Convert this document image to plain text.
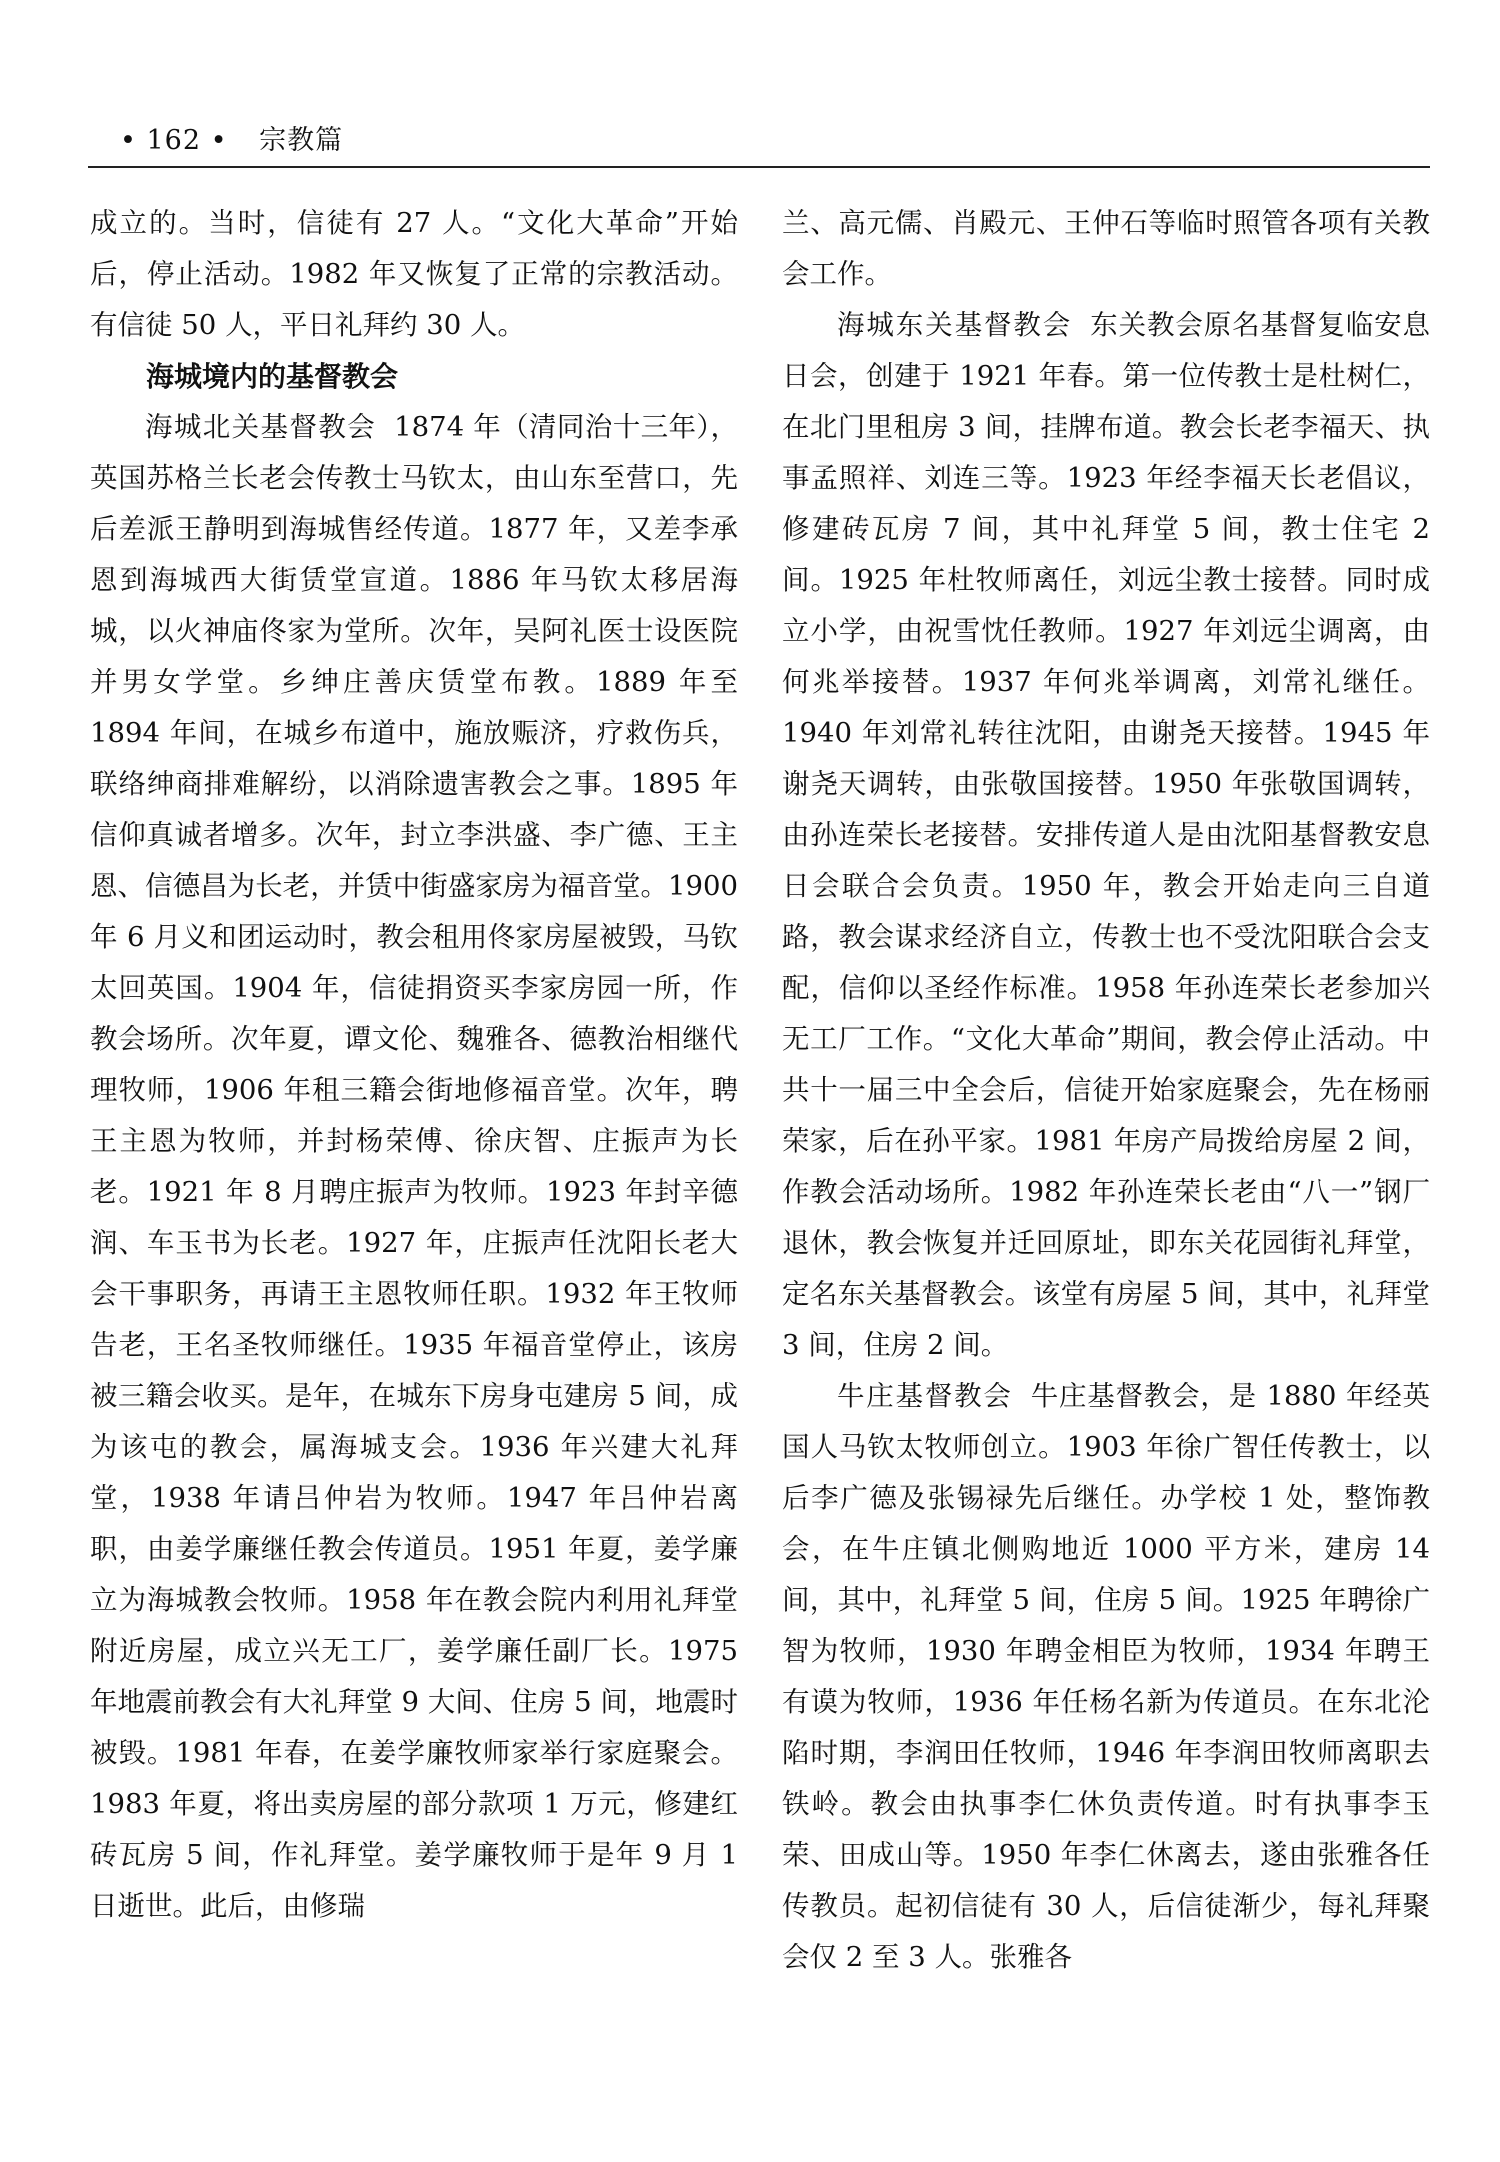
• 162 • 宗教篇

成立的。当时，信徒有 27 人。“文化大革命”开始后，停止活动。1982 年又恢复了正常的宗教活动。有信徒 50 人，平日礼拜约 30 人。

海城境内的基督教会

海城北关基督教会 1874 年（清同治十三年），英国苏格兰长老会传教士马钦太，由山东至营口，先后差派王静明到海城售经传道。1877 年，又差李承恩到海城西大街赁堂宣道。1886 年马钦太移居海城，以火神庙佟家为堂所。次年，吴阿礼医士设医院并男女学堂。乡绅庄善庆赁堂布教。1889 年至 1894 年间，在城乡布道中，施放赈济，疗救伤兵，联络绅商排难解纷，以消除遗害教会之事。1895 年信仰真诚者增多。次年，封立李洪盛、李广德、王主恩、信德昌为长老，并赁中街盛家房为福音堂。1900 年 6 月义和团运动时，教会租用佟家房屋被毁，马钦太回英国。1904 年，信徒捐资买李家房园一所，作教会场所。次年夏，谭文伦、魏雅各、德教治相继代理牧师，1906 年租三籍会街地修福音堂。次年，聘王主恩为牧师，并封杨荣傅、徐庆智、庄振声为长老。1921 年 8 月聘庄振声为牧师。1923 年封辛德润、车玉书为长老。1927 年，庄振声任沈阳长老大会干事职务，再请王主恩牧师任职。1932 年王牧师告老，王名圣牧师继任。1935 年福音堂停止，该房被三籍会收买。是年，在城东下房身屯建房 5 间，成为该屯的教会，属海城支会。1936 年兴建大礼拜堂，1938 年请吕仲岩为牧师。1947 年吕仲岩离职，由姜学廉继任教会传道员。1951 年夏，姜学廉立为海城教会牧师。1958 年在教会院内利用礼拜堂附近房屋，成立兴无工厂，姜学廉任副厂长。1975 年地震前教会有大礼拜堂 9 大间、住房 5 间，地震时被毁。1981 年春，在姜学廉牧师家举行家庭聚会。1983 年夏，将出卖房屋的部分款项 1 万元，修建红砖瓦房 5 间，作礼拜堂。姜学廉牧师于是年 9 月 1 日逝世。此后，由修瑞

兰、高元儒、肖殿元、王仲石等临时照管各项有关教会工作。

海城东关基督教会 东关教会原名基督复临安息日会，创建于 1921 年春。第一位传教士是杜树仁，在北门里租房 3 间，挂牌布道。教会长老李福天、执事孟照祥、刘连三等。1923 年经李福天长老倡议，修建砖瓦房 7 间，其中礼拜堂 5 间，教士住宅 2 间。1925 年杜牧师离任，刘远尘教士接替。同时成立小学，由祝雪忱任教师。1927 年刘远尘调离，由何兆举接替。1937 年何兆举调离，刘常礼继任。1940 年刘常礼转往沈阳，由谢尧天接替。1945 年谢尧天调转，由张敬国接替。1950 年张敬国调转，由孙连荣长老接替。安排传道人是由沈阳基督教安息日会联合会负责。1950 年，教会开始走向三自道路，教会谋求经济自立，传教士也不受沈阳联合会支配，信仰以圣经作标准。1958 年孙连荣长老参加兴无工厂工作。“文化大革命”期间，教会停止活动。中共十一届三中全会后，信徒开始家庭聚会，先在杨丽荣家，后在孙平家。1981 年房产局拨给房屋 2 间，作教会活动场所。1982 年孙连荣长老由“八一”钢厂退休，教会恢复并迁回原址，即东关花园街礼拜堂，定名东关基督教会。该堂有房屋 5 间，其中，礼拜堂 3 间，住房 2 间。

牛庄基督教会 牛庄基督教会，是 1880 年经英国人马钦太牧师创立。1903 年徐广智任传教士，以后李广德及张锡禄先后继任。办学校 1 处，整饰教会，在牛庄镇北侧购地近 1000 平方米，建房 14 间，其中，礼拜堂 5 间，住房 5 间。1925 年聘徐广智为牧师，1930 年聘金相臣为牧师，1934 年聘王有谟为牧师，1936 年任杨名新为传道员。在东北沦陷时期，李润田任牧师，1946 年李润田牧师离职去铁岭。教会由执事李仁休负责传道。时有执事李玉荣、田成山等。1950 年李仁休离去，遂由张雅各任传教员。起初信徒有 30 人，后信徒渐少，每礼拜聚会仅 2 至 3 人。张雅各
